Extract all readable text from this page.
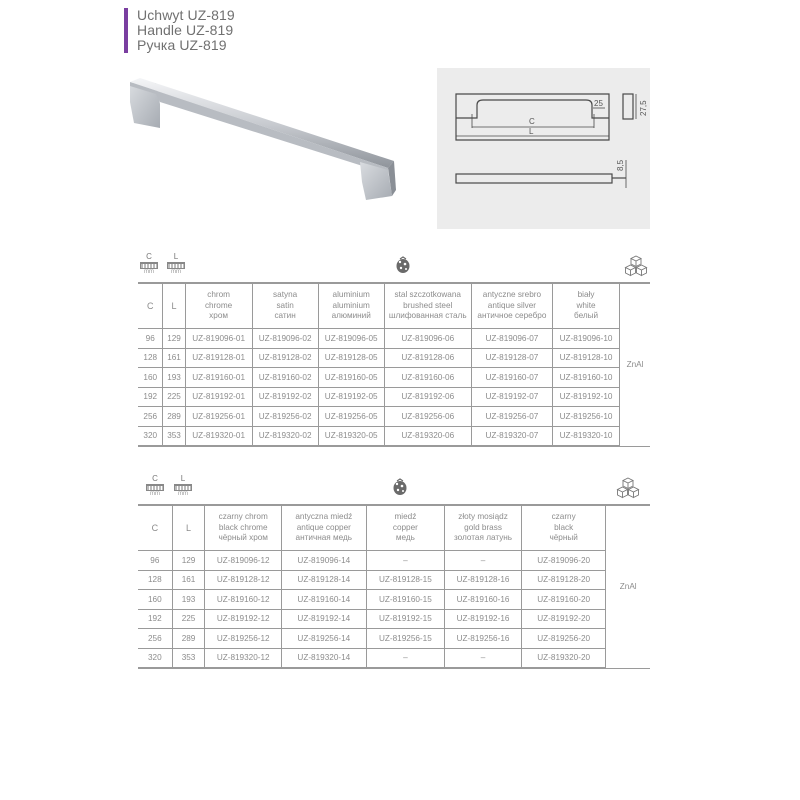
Uchwyt UZ-819
Handle UZ-819
Ручка UZ-819
C
L
25	27,5
8,5
C
mm
L
mm
C	L	
chrom
chrome
хром

satyna
satin
сатин

aluminium
aluminium
алюминий

stal szczotkowana
brushed steel
шлифованная сталь

antyczne srebro
antique silver
античное серебро

biały
white
белый
	ZnAl
96	129	UZ-819096-01	UZ-819096-02	UZ-819096-05	UZ-819096-06	UZ-819096-07	UZ-819096-10	
128	161	UZ-819128-01	UZ-819128-02	UZ-819128-05	UZ-819128-06	UZ-819128-07	UZ-819128-10	
160	193	UZ-819160-01	UZ-819160-02	UZ-819160-05	UZ-819160-06	UZ-819160-07	UZ-819160-10	
192	225	UZ-819192-01	UZ-819192-02	UZ-819192-05	UZ-819192-06	UZ-819192-07	UZ-819192-10	
256	289	UZ-819256-01	UZ-819256-02	UZ-819256-05	UZ-819256-06	UZ-819256-07	UZ-819256-10	
320	353	UZ-819320-01	UZ-819320-02	UZ-819320-05	UZ-819320-06	UZ-819320-07	UZ-819320-10	
C
mm
L
mm
C	L	
czarny chrom
black chrome
чёрный хром

antyczna miedź
antique copper
античная медь

miedź
copper
медь

złoty mosiądz
gold brass
золотая латунь

czarny
black
чёрный
	ZnAl
96	129	UZ-819096-12	UZ-819096-14	–	–	UZ-819096-20	
128	161	UZ-819128-12	UZ-819128-14	UZ-819128-15	UZ-819128-16	UZ-819128-20	
160	193	UZ-819160-12	UZ-819160-14	UZ-819160-15	UZ-819160-16	UZ-819160-20	
192	225	UZ-819192-12	UZ-819192-14	UZ-819192-15	UZ-819192-16	UZ-819192-20	
256	289	UZ-819256-12	UZ-819256-14	UZ-819256-15	UZ-819256-16	UZ-819256-20	
320	353	UZ-819320-12	UZ-819320-14	–	–	UZ-819320-20	
